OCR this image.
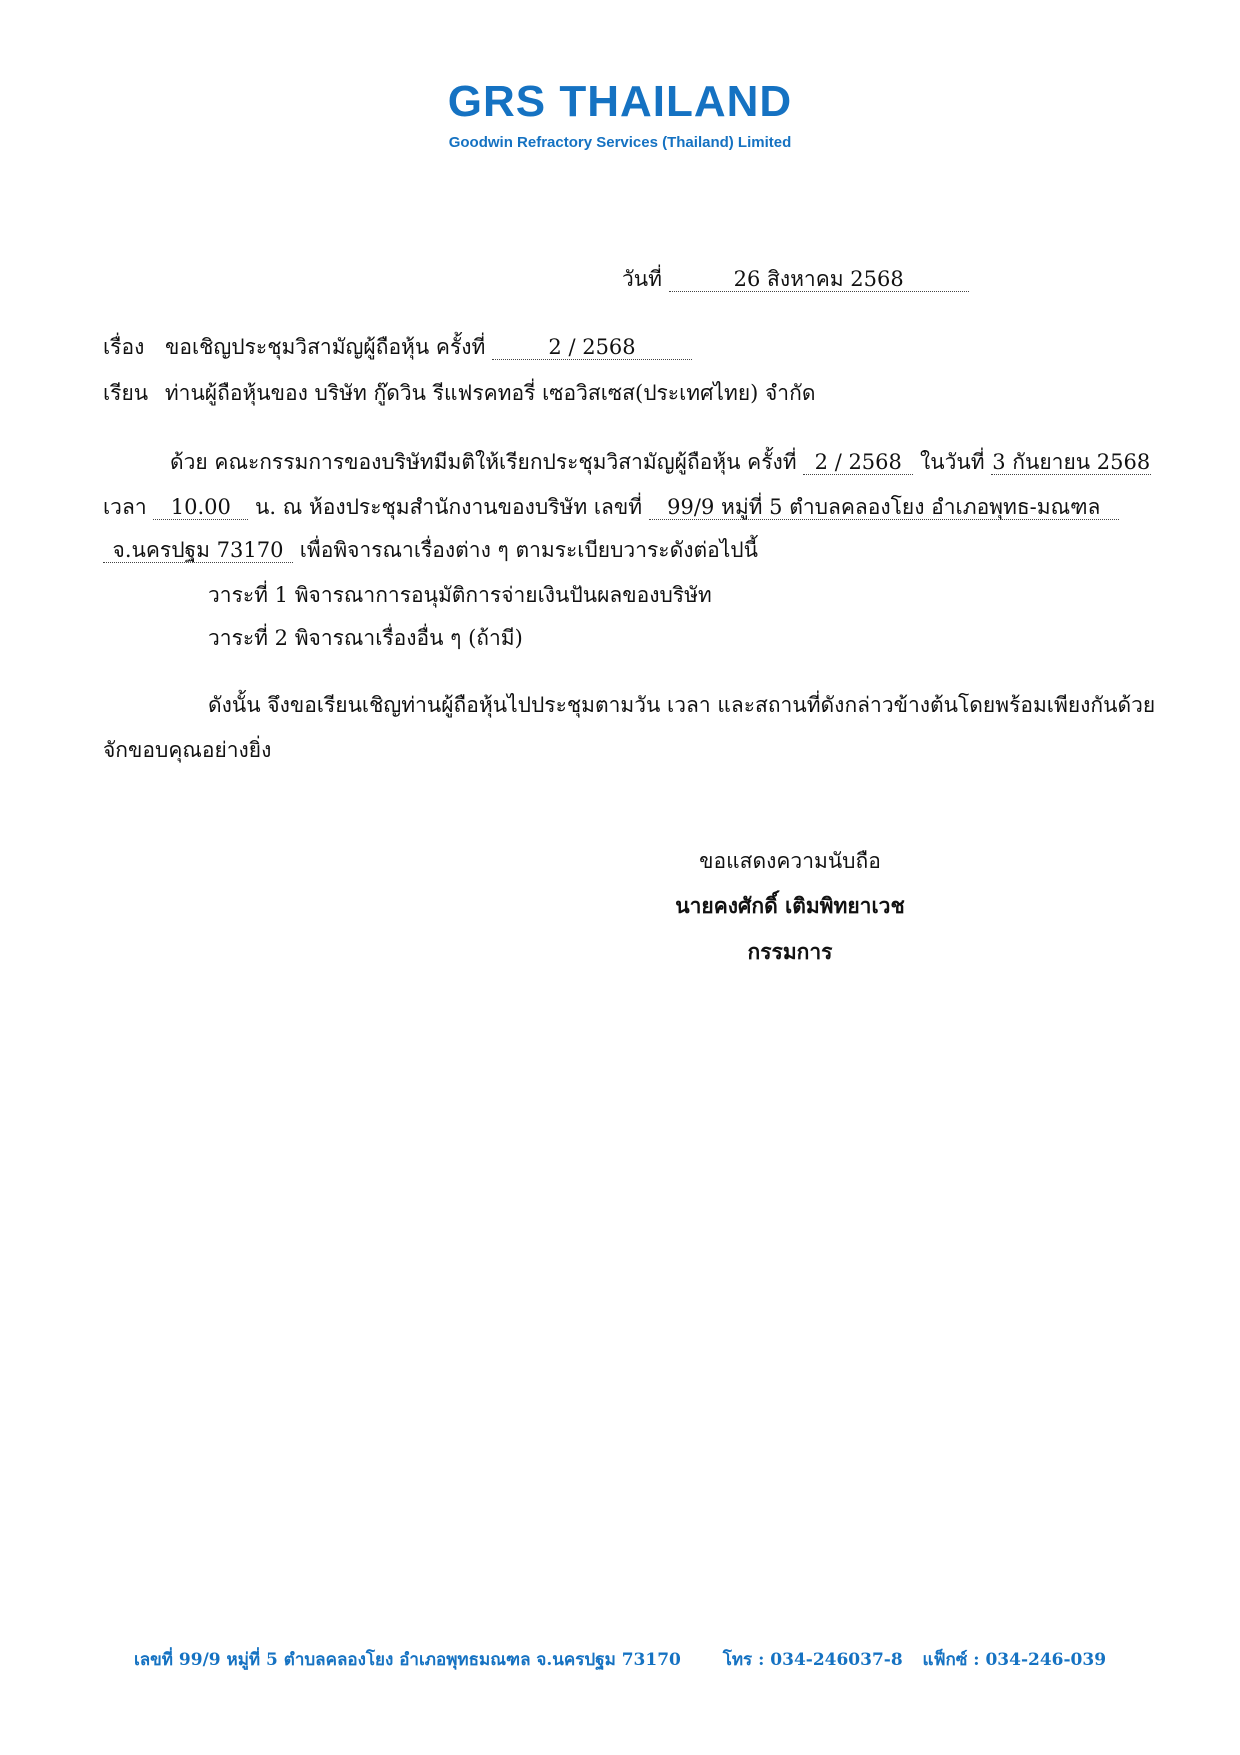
GRS THAILAND
Goodwin Refractory Services (Thailand) Limited
วันที่	26 สิงหาคม 2568
เรื่อง ขอเชิญประชุมวิสามัญผู้ถือหุ้น ครั้งที่	2 / 2568
เรียน ท่านผู้ถือหุ้นของ บริษัท กู๊ดวิน รีแฟรคทอรี่ เซอวิสเซส(ประเทศไทย) จำกัด
ด้วย คณะกรรมการของบริษัทมีมติให้เรียกประชุมวิสามัญผู้ถือหุ้น ครั้งที่ 2 / 2568 ในวันที่ 3 กันยายน 2568
เวลา 10.00 น. ณ ห้องประชุมสำนักงานของบริษัท เลขที่ 99/9 หมู่ที่ 5 ตำบลคลองโยง อำเภอพุทธ-มณฑล
จ.นครปฐม 73170 เพื่อพิจารณาเรื่องต่าง ๆ ตามระเบียบวาระดังต่อไปนี้
วาระที่ 1 พิจารณาการอนุมัติการจ่ายเงินปันผลของบริษัท
วาระที่ 2 พิจารณาเรื่องอื่น ๆ (ถ้ามี)
ดังนั้น จึงขอเรียนเชิญท่านผู้ถือหุ้นไปประชุมตามวัน เวลา และสถานที่ดังกล่าวข้างต้นโดยพร้อมเพียงกันด้วย
จักขอบคุณอย่างยิ่ง
ขอแสดงความนับถือ
นายคงศักดิ์ เติมพิทยาเวช
กรรมการ
เลขที่ 99/9 หมู่ที่ 5 ตำบลคลองโยง อำเภอพุทธมณฑล จ.นครปฐม 73170 โทร : 034-246037-8 แฟ็กซ์ : 034-246-039
